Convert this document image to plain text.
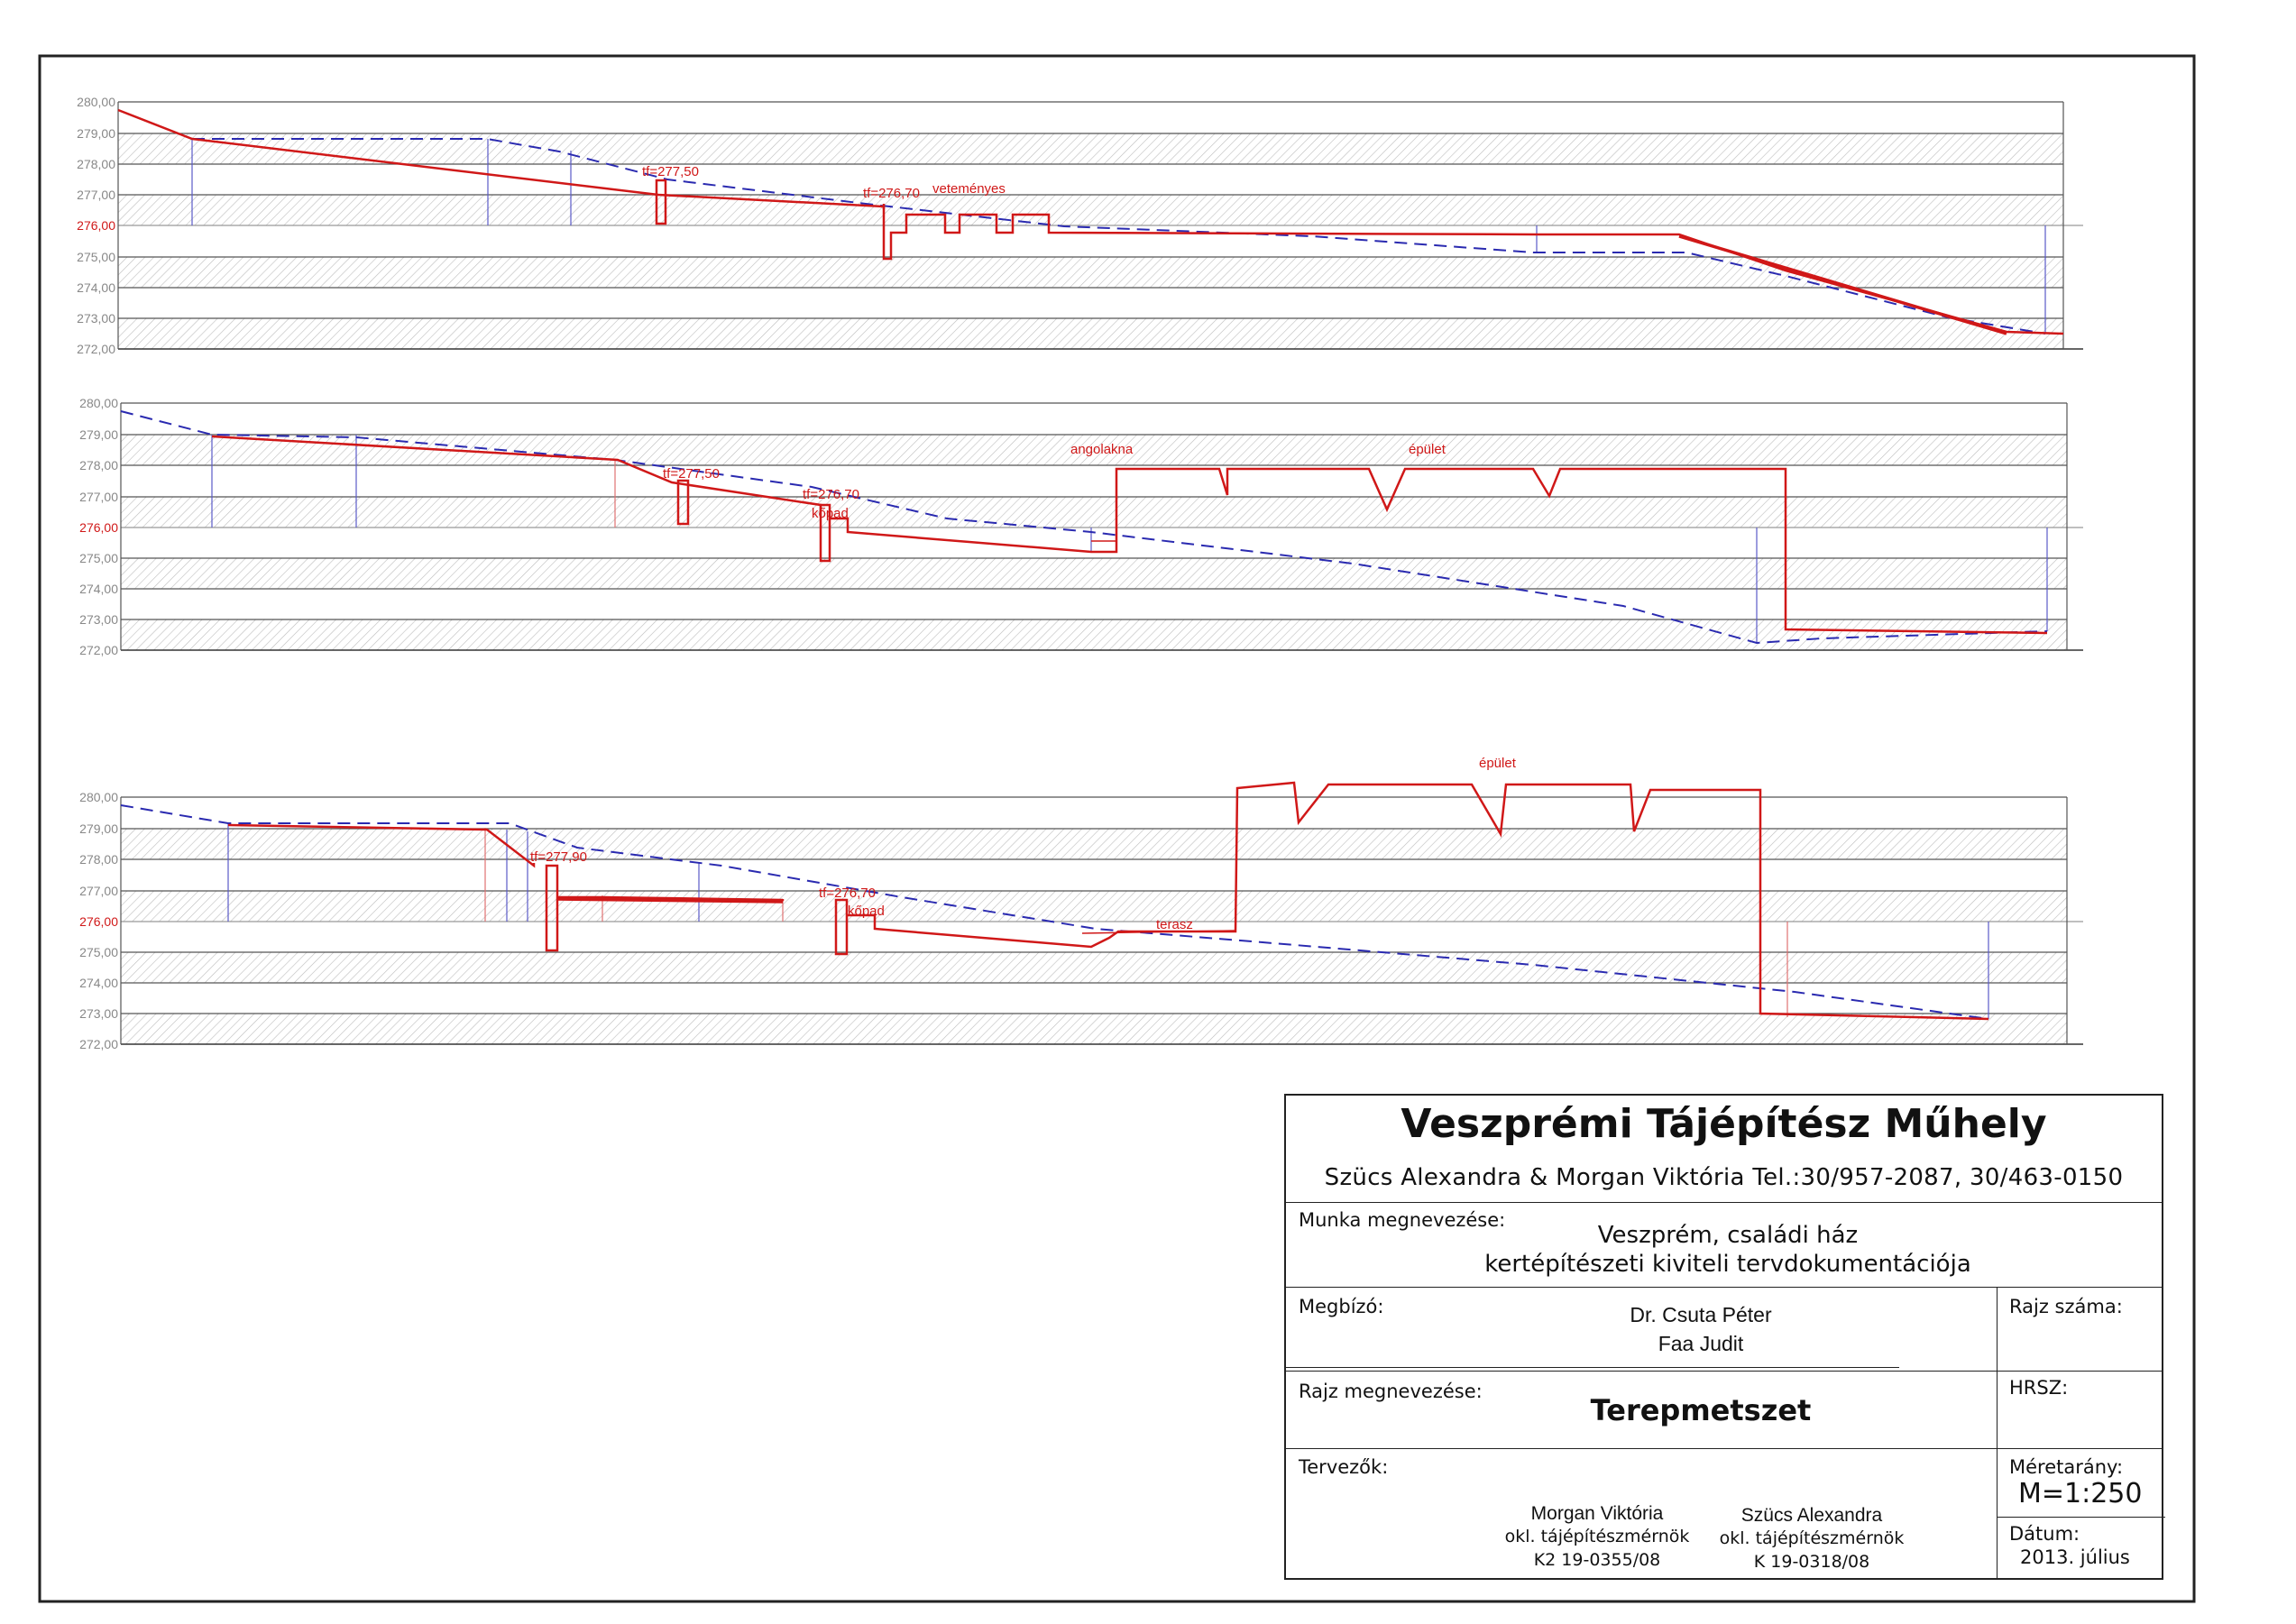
280,00
279,00
278,00
277,00
276,00
275,00
274,00
273,00
272,00
tf=277,50
tf=276,70 veteményes
280,00
279,00
278,00
277,00
276,00
275,00
274,00
273,00
272,00
angolakna	épület
tf=277,50
tf=276,70
kőpad
280,00
279,00
278,00
277,00
276,00
275,00
274,00
273,00
272,00
épület
tf=277,90
tf=276,70
kőpad
terasz
Veszprémi Tájépítész Műhely
Szücs Alexandra & Morgan Viktória Tel.:30/957-2087, 30/463-0150
Munka megnevezése:
Veszprém, családi ház
kertépítészeti kiviteli tervdokumentációja
Megbízó:	Dr. Csuta Péter
Faa Judit
Rajz száma:
Rajz megnevezése:
Terepmetszet
HRSZ:
Tervezők:
Morgan Viktória
okl. tájépítészmérnök
K2 19-0355/08
Szücs Alexandra
okl. tájépítészmérnök
K 19-0318/08
Méretarány:
M=1:250
Dátum:
2013. július
